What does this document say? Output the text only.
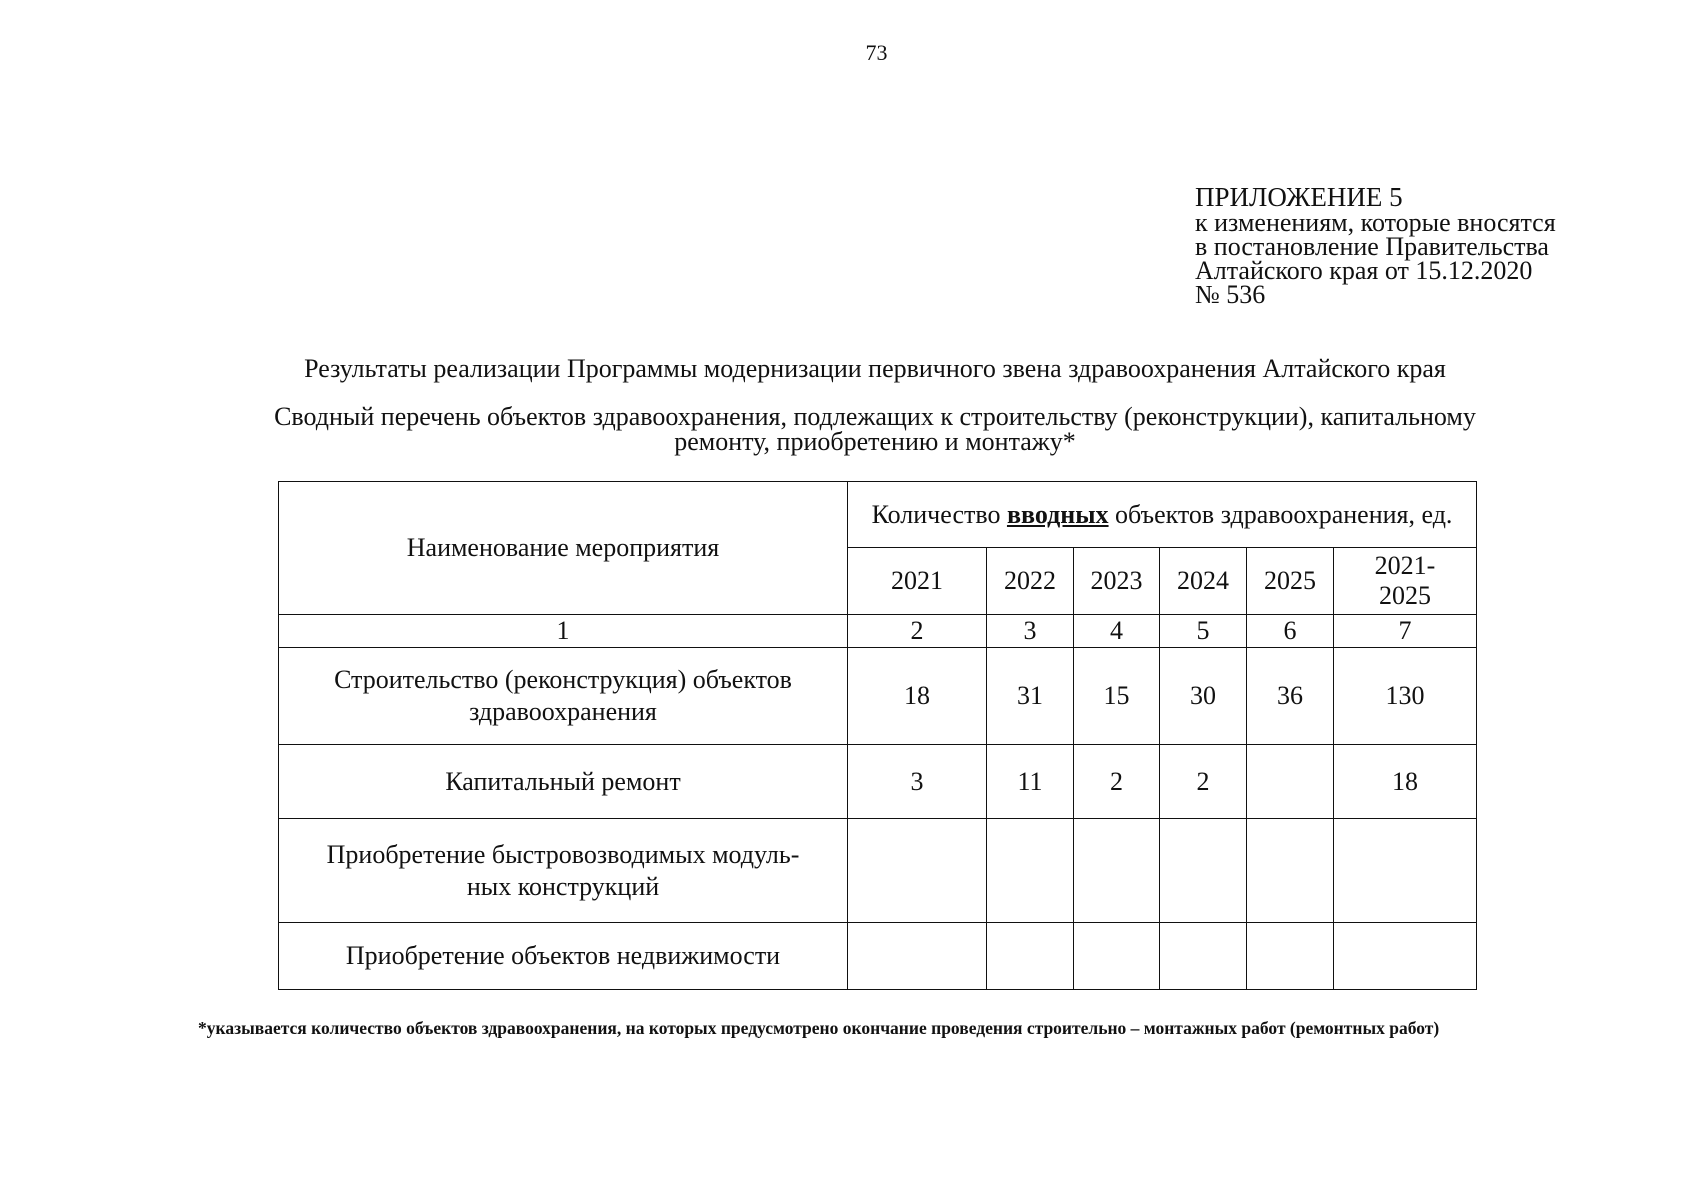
73
ПРИЛОЖЕНИЕ 5
к изменениям, которые вносятся
в постановление Правительства
Алтайского края от 15.12.2020
№ 536
Результаты реализации Программы модернизации первичного звена здравоохранения Алтайского края
Сводный перечень объектов здравоохранения, подлежащих к строительству (реконструкции), капитальному
ремонту, приобретению и монтажу*
Наименование мероприятия	Количество вводных объектов здравоохранения, ед.					
	2021	2022	2023	2024	2025	2021-
2025

1	2	3	4	5	6	7

Строительство (реконструкция) объектов
здравоохранения	18	31	15	30	36	130

Капитальный ремонт	3	11	2	2		18

Приобретение быстровозводимых модуль-
ных конструкций						

Приобретение объектов недвижимости						

*указывается количество объектов здравоохранения, на которых предусмотрено окончание проведения строительно – монтажных работ (ремонтных работ)
